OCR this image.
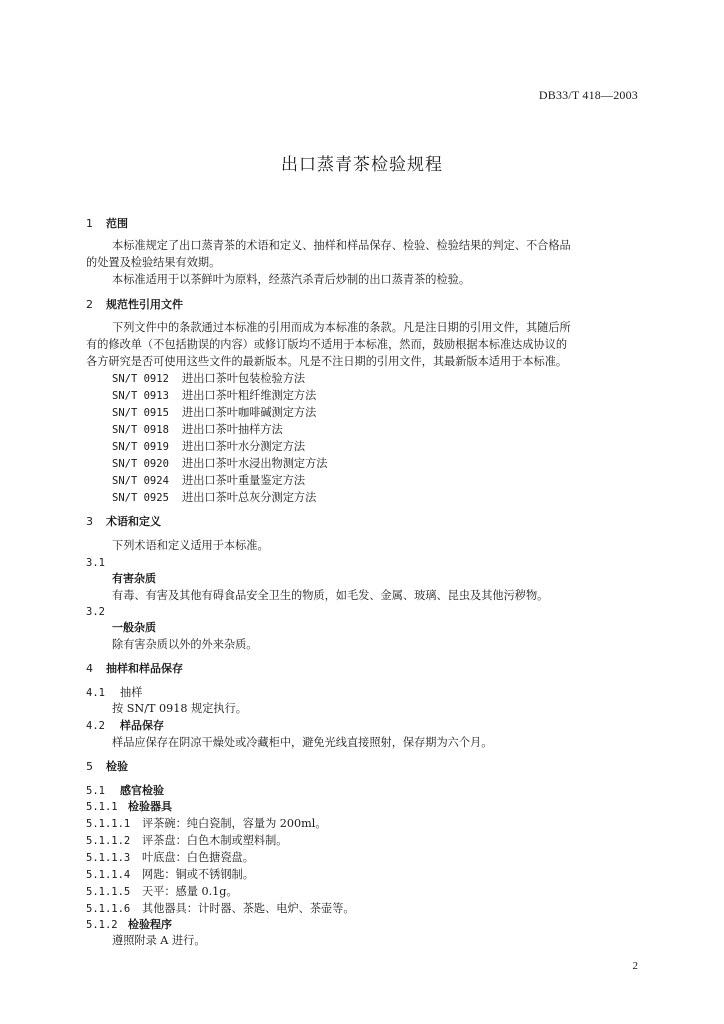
DB33/T 418—2003
出口蒸青茶检验规程
1 范围
本标准规定了出口蒸青茶的术语和定义、抽样和样品保存、检验、检验结果的判定、不合格品
的处置及检验结果有效期。
本标准适用于以茶鲜叶为原料，经蒸汽杀青后炒制的出口蒸青茶的检验。
2 规范性引用文件
下列文件中的条款通过本标准的引用而成为本标准的条款。凡是注日期的引用文件，其随后所
有的修改单（不包括勘误的内容）或修订版均不适用于本标准，然而，鼓励根据本标准达成协议的
各方研究是否可使用这些文件的最新版本。凡是不注日期的引用文件，其最新版本适用于本标准。
SN/T 0912 进出口茶叶包装检验方法
SN/T 0913 进出口茶叶粗纤维测定方法
SN/T 0915 进出口茶叶咖啡碱测定方法
SN/T 0918 进出口茶叶抽样方法
SN/T 0919 进出口茶叶水分测定方法
SN/T 0920 进出口茶叶水浸出物测定方法
SN/T 0924 进出口茶叶重量鉴定方法
SN/T 0925 进出口茶叶总灰分测定方法
3 术语和定义
下列术语和定义适用于本标准。
3.1
有害杂质
有毒、有害及其他有碍食品安全卫生的物质，如毛发、金属、玻璃、昆虫及其他污秽物。
3.2
一般杂质
除有害杂质以外的外来杂质。
4 抽样和样品保存
4.1 抽样
按 SN/T 0918 规定执行。
4.2 样品保存
样品应保存在阴凉干燥处或冷藏柜中，避免光线直接照射，保存期为六个月。
5 检验
5.1 感官检验
5.1.1 检验器具
5.1.1.1 评茶碗：纯白瓷制，容量为 200ml。
5.1.1.2 评茶盘：白色木制或塑料制。
5.1.1.3 叶底盘：白色搪瓷盘。
5.1.1.4 网匙：铜或不锈钢制。
5.1.1.5 天平：感量 0.1g。
5.1.1.6 其他器具：计时器、茶匙、电炉、茶壶等。
5.1.2 检验程序
遵照附录 A 进行。
2
